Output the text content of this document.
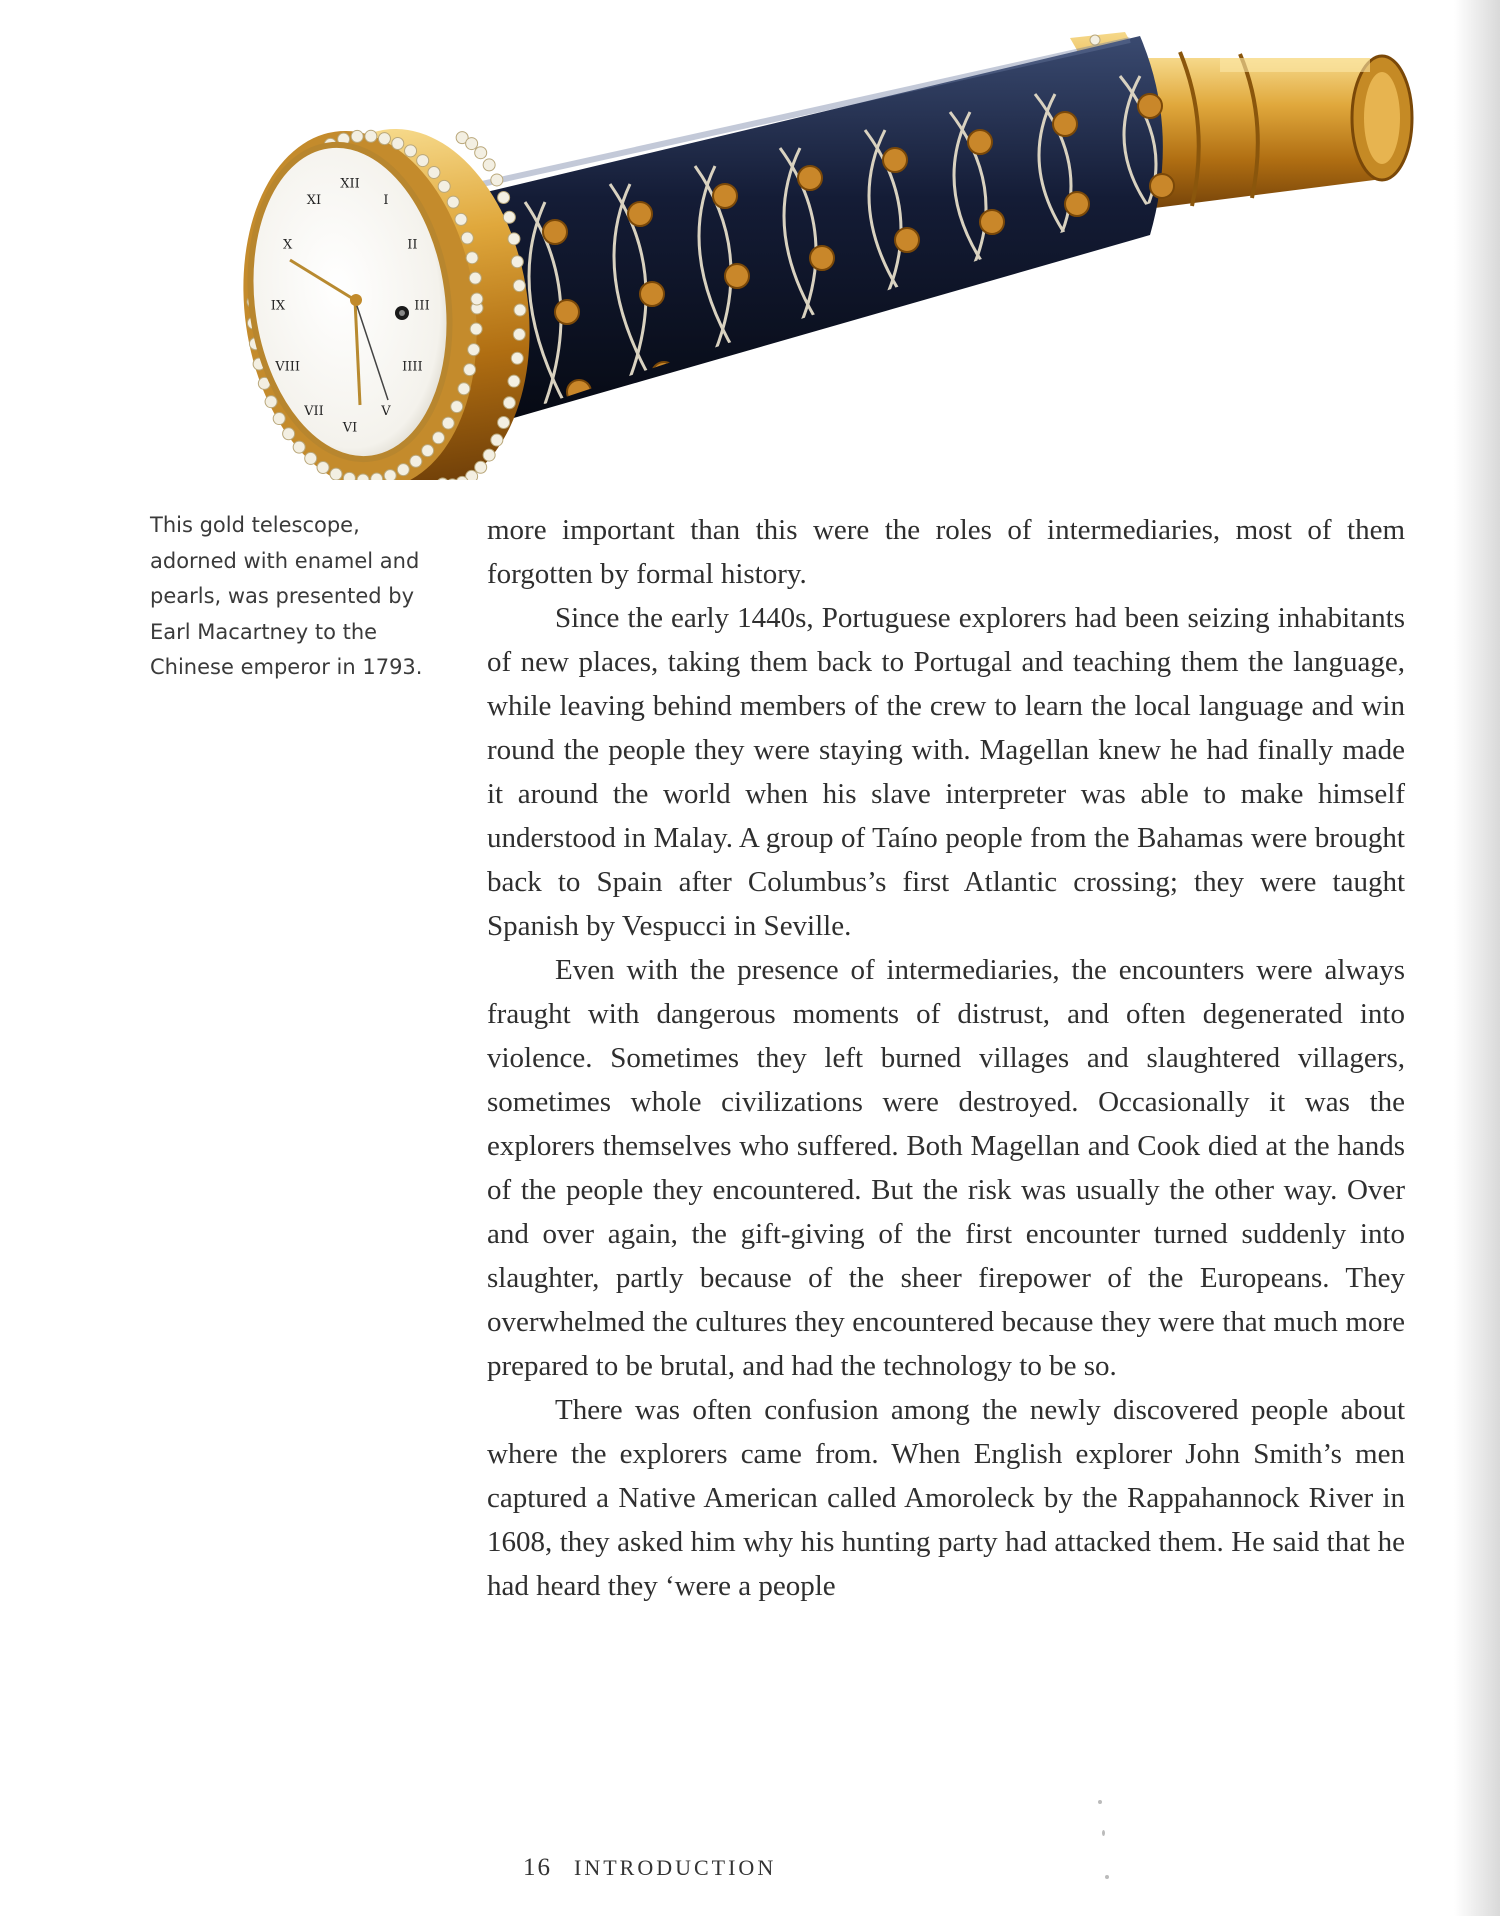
XII
I
II
III
IIII
V
VI
VII
VIII
IX
X
XI

This gold telescope, adorned with enamel and pearls, was presented by Earl Macartney to the Chinese emperor in 1793.

more important than this were the roles of intermediaries, most of them forgotten by formal history.

Since the early 1440s, Portuguese explorers had been seizing inhabitants of new places, taking them back to Portugal and teaching them the language, while leaving behind members of the crew to learn the local language and win round the people they were staying with. Magellan knew he had finally made it around the world when his slave interpreter was able to make himself understood in Malay. A group of Taíno people from the Bahamas were brought back to Spain after Columbus’s first Atlantic crossing; they were taught Spanish by Vespucci in Seville.

Even with the presence of intermediaries, the encounters were always fraught with dangerous moments of distrust, and often degenerated into violence. Sometimes they left burned villages and slaughtered villagers, sometimes whole civilizations were destroyed. Occasionally it was the explorers themselves who suffered. Both Magellan and Cook died at the hands of the people they encountered. But the risk was usually the other way. Over and over again, the gift-giving of the first encounter turned suddenly into slaughter, partly because of the sheer firepower of the Europeans. They overwhelmed the cultures they encountered because they were that much more prepared to be brutal, and had the technology to be so.

There was often confusion among the newly discovered people about where the explorers came from. When English explorer John Smith’s men captured a Native American called Amoroleck by the Rappahannock River in 1608, they asked him why his hunting party had attacked them. He said that he had heard they ‘were a people

16 INTRODUCTION
